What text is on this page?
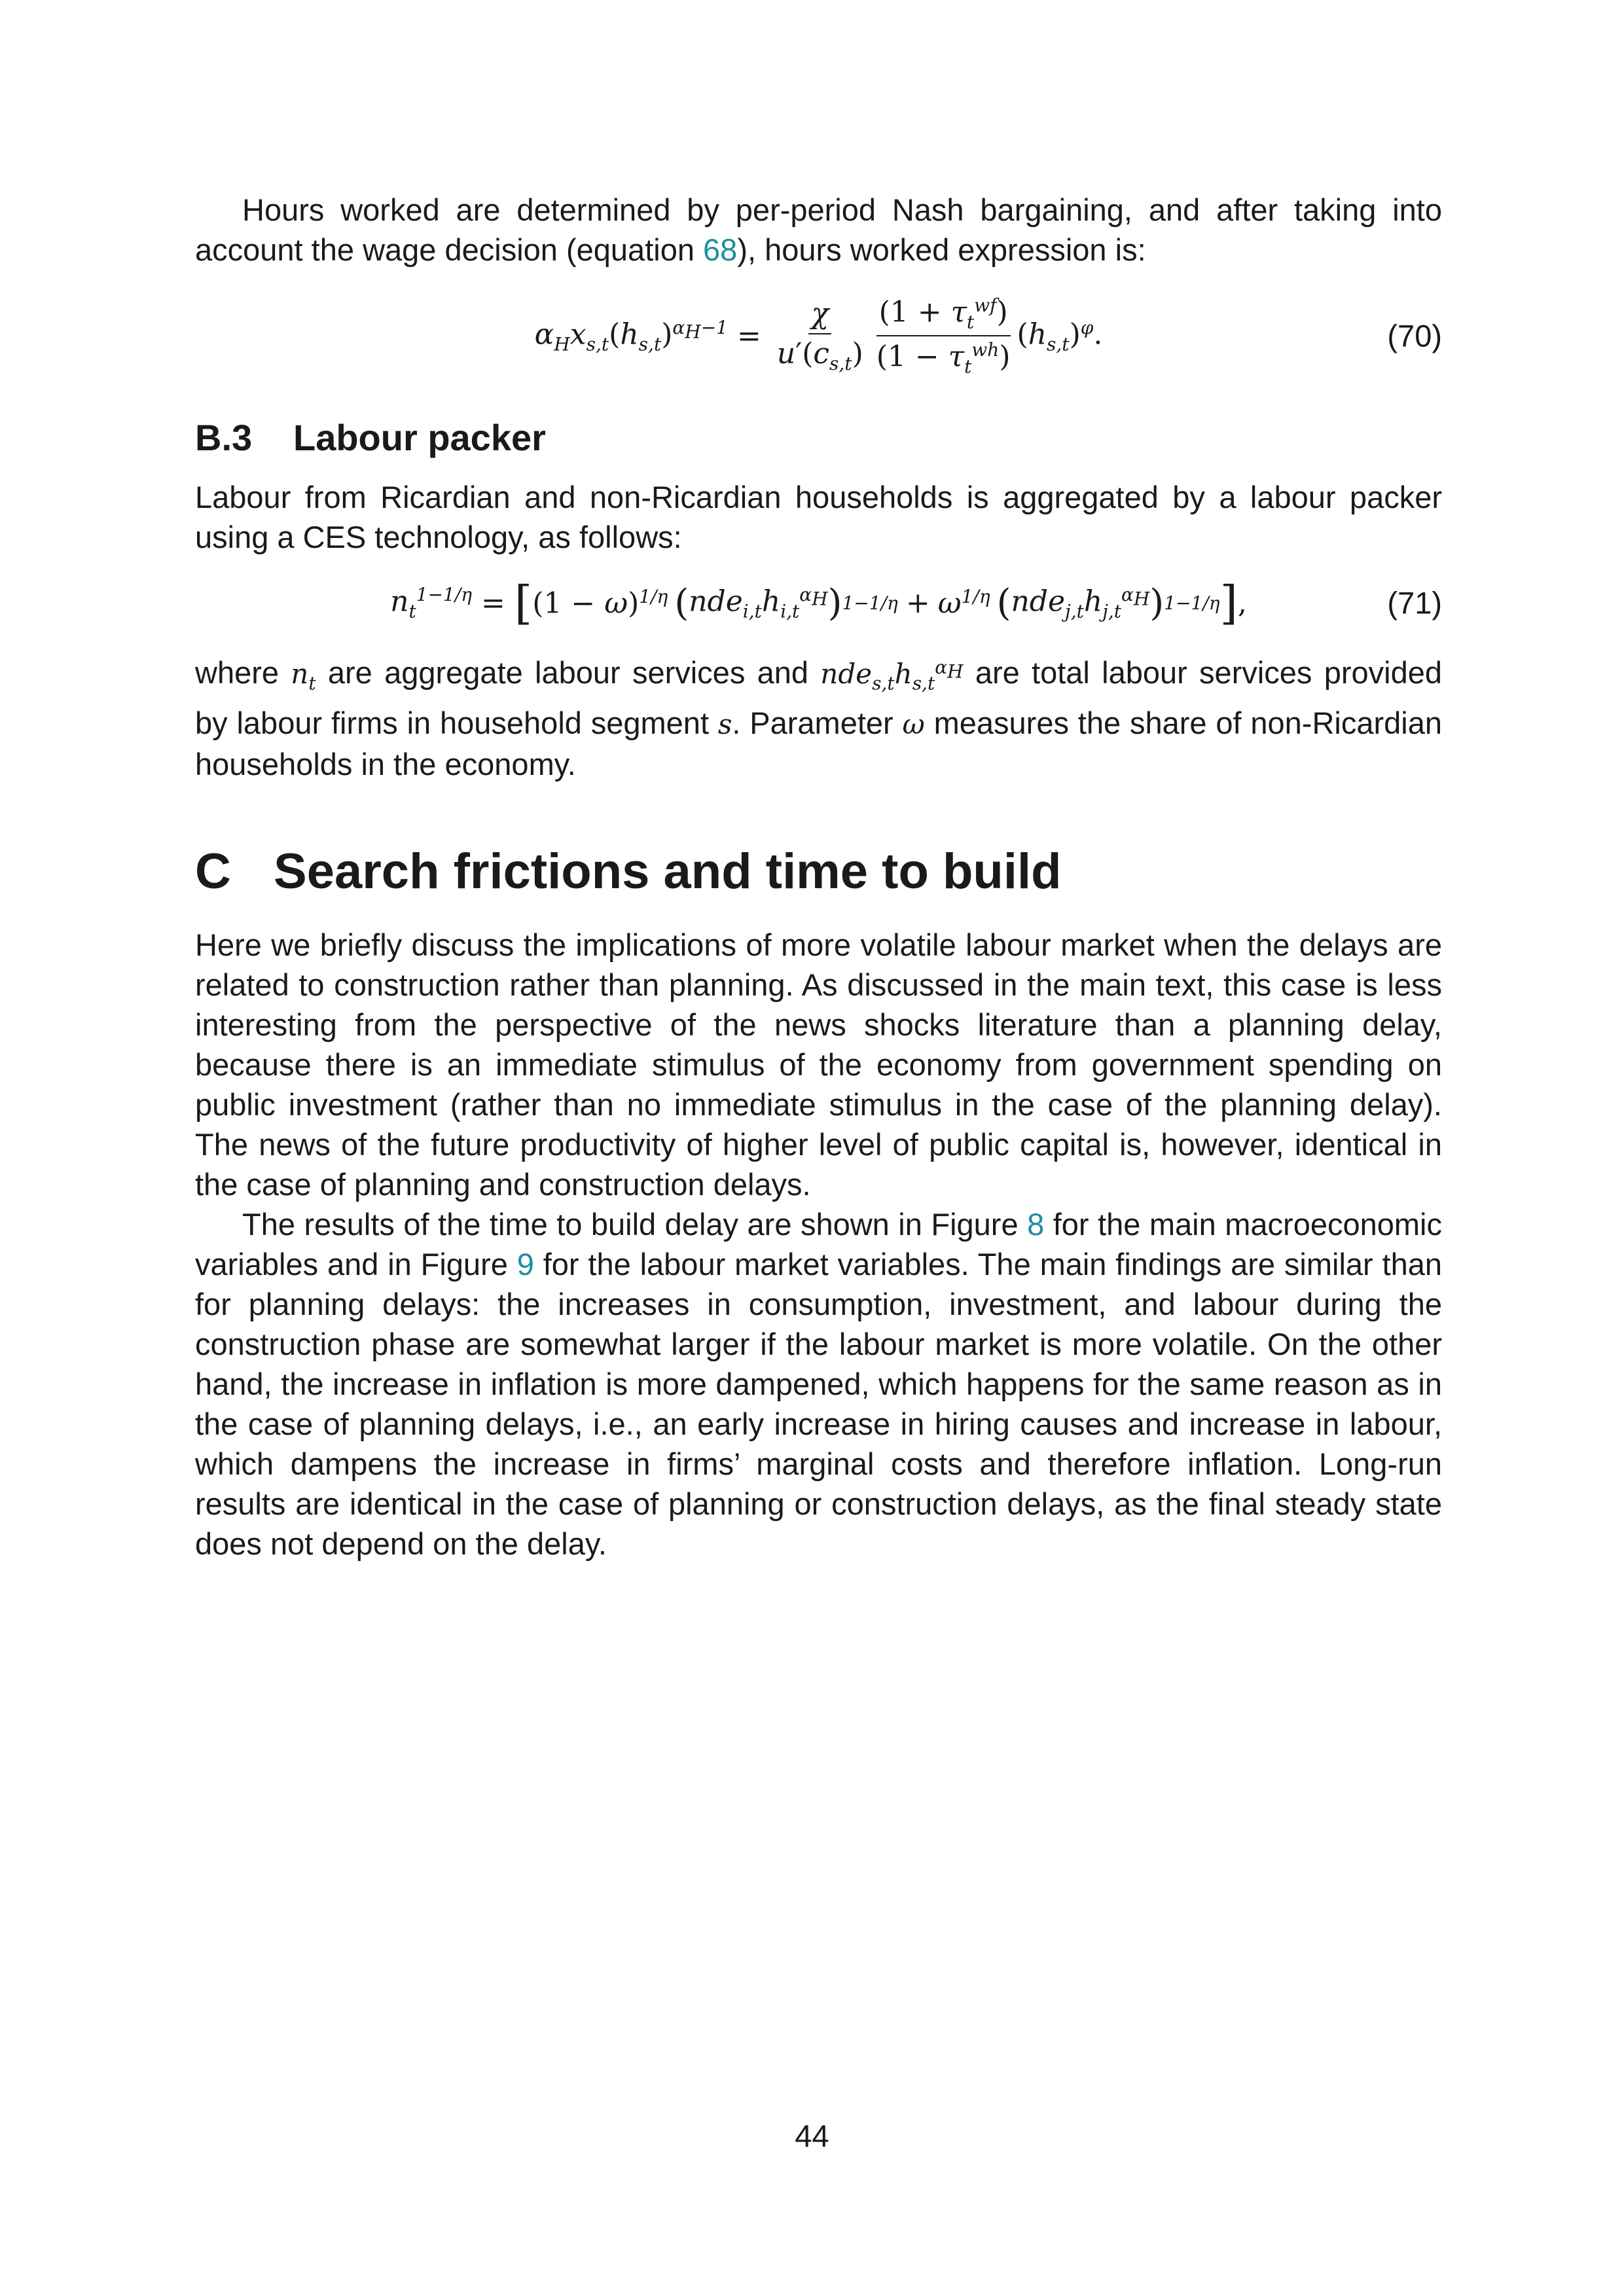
Hours worked are determined by per-period Nash bargaining, and after taking into account the wage decision (equation 68), hours worked expression is:

$\alpha_Hx_{s,t}(h_{s,t})^{\alpha_H-1} = \frac{\chi}{u'(c_{s,t})} \frac{(1 + \tau_t^{wf})}{(1 - \tau_t^{wh})} (h_{s,t})^\varphi$.	(70)
B.3 Labour packer

Labour from Ricardian and non-Ricardian households is aggregated by a labour packer using a CES technology, as follows:

$n_t^{1-1/\eta}$ = [ $(1 - \omega)^{1/\eta}$ ( $nde_{i,t}h_{i,t}^{\alpha_H}$ ) $1-1/\eta + \omega^{1/\eta}$ ( $nde_{j,t}h_{j,t}^{\alpha_H}$ ) 1−1/η ] ,	(71)

where $n_t$ are aggregate labour services and $nde_{s,t}h_{s,t}^{\alpha_H}$ are total labour services provided by labour firms in household segment s. Parameter ω measures the share of non-Ricardian households in the economy.

C Search frictions and time to build

Here we briefly discuss the implications of more volatile labour market when the delays are related to construction rather than planning. As discussed in the main text, this case is less interesting from the perspective of the news shocks literature than a planning delay, because there is an immediate stimulus of the economy from government spending on public investment (rather than no immediate stimulus in the case of the planning delay). The news of the future productivity of higher level of public capital is, however, identical in the case of planning and construction delays.

The results of the time to build delay are shown in Figure 8 for the main macroeconomic variables and in Figure 9 for the labour market variables. The main findings are similar than for planning delays: the increases in consumption, investment, and labour during the construction phase are somewhat larger if the labour market is more volatile. On the other hand, the increase in inflation is more dampened, which happens for the same reason as in the case of planning delays, i.e., an early increase in hiring causes and increase in labour, which dampens the increase in firms’ marginal costs and therefore inflation. Long-run results are identical in the case of planning or construction delays, as the final steady state does not depend on the delay.

44
